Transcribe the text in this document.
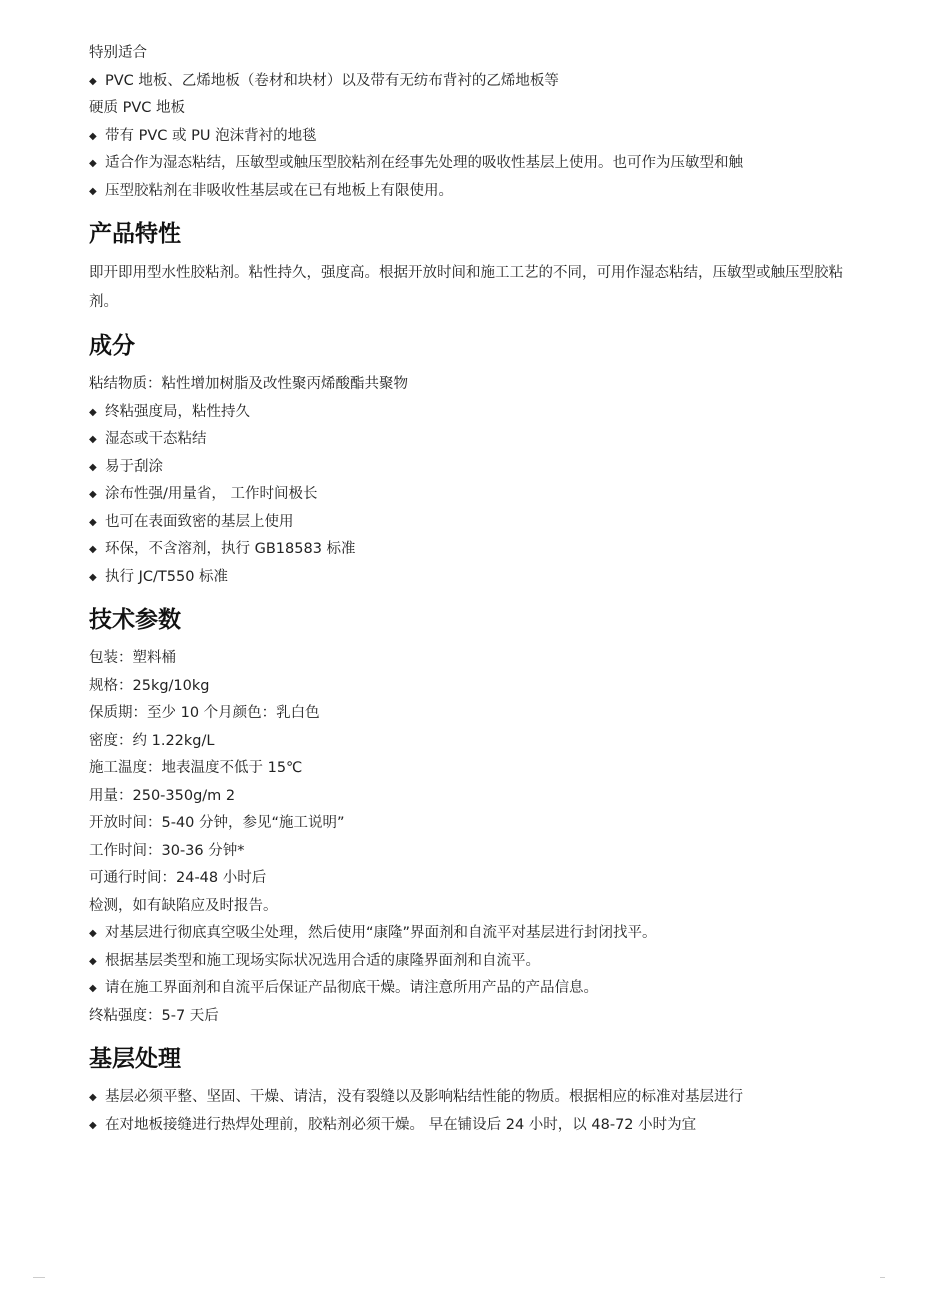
特别适合
◆ PVC 地板、乙烯地板（卷材和块材）以及带有无纺布背衬的乙烯地板等
硬质 PVC 地板
◆ 带有 PVC 或 PU 泡沫背衬的地毯
◆ 适合作为湿态粘结，压敏型或触压型胶粘剂在经事先处理的吸收性基层上使用。也可作为压敏型和触
◆ 压型胶粘剂在非吸收性基层或在已有地板上有限使用。
产品特性
即开即用型水性胶粘剂。粘性持久，强度高。根据开放时间和施工工艺的不同，可用作湿态粘结，压敏型或触压型胶粘剂。
成分
粘结物质：粘性增加树脂及改性聚丙烯酸酯共聚物
◆ 终粘强度局，粘性持久
◆ 湿态或干态粘结
◆ 易于刮涂
◆ 涂布性强/用量省， 工作时间极长
◆ 也可在表面致密的基层上使用
◆ 环保，不含溶剂，执行 GB18583 标准
◆ 执行 JC/T550 标准
技术参数
包装：塑料桶
规格：25kg/10kg
保质期：至少 10 个月颜色：乳白色
密度：约 1.22kg/L
施工温度：地表温度不低于 15℃
用量：250-350g/m 2
开放时间：5-40 分钟，参见“施工说明”
工作时间：30-36 分钟*
可通行时间：24-48 小时后
检测，如有缺陷应及时报告。
◆ 对基层进行彻底真空吸尘处理，然后使用“康隆”界面剂和自流平对基层进行封闭找平。
◆ 根据基层类型和施工现场实际状况选用合适的康隆界面剂和自流平。
◆ 请在施工界面剂和自流平后保证产品彻底干燥。请注意所用产品的产品信息。
终粘强度：5-7 天后
基层处理
◆ 基层必须平整、坚固、干燥、请洁，没有裂缝以及影响粘结性能的物质。根据相应的标准对基层进行
◆ 在对地板接缝进行热焊处理前，胶粘剂必须干燥。 早在铺设后 24 小时，以 48-72 小时为宜
